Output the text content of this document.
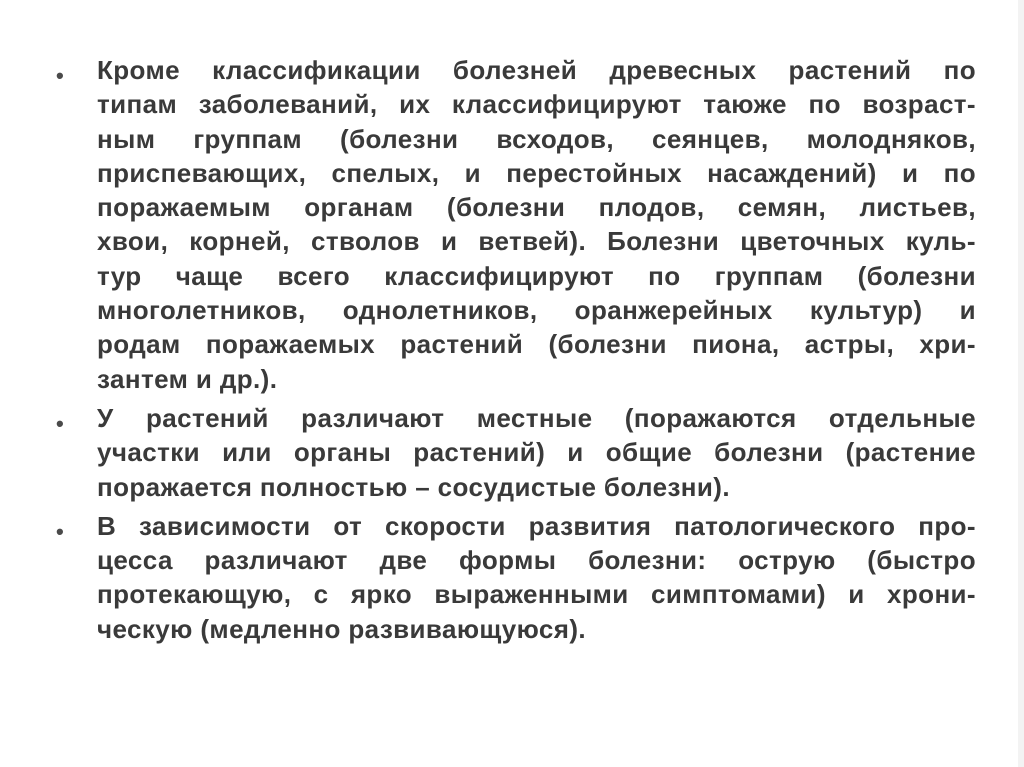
• Кроме классификации болезней древесных растений по
типам заболеваний, их классифицируют таюже по возраст-
ным группам (болезни всходов, сеянцев, молодняков,
приспевающих, спелых, и перестойных насаждений) и по
поражаемым органам (болезни плодов, семян, листьев,
хвои, корней, стволов и ветвей). Болезни цветочных куль-
тур чаще всего классифицируют по группам (болезни
многолетников, однолетников, оранжерейных культур) и
родам поражаемых растений (болезни пиона, астры, хри-
зантем и др.).
• У растений различают местные (поражаются отдельные
участки или органы растений) и общие болезни (растение
поражается полностью – сосудистые болезни).
• В зависимости от скорости развития патологического про-
цесса различают две формы болезни: острую (быстро
протекающую, с ярко выраженными симптомами) и хрони-
ческую (медленно развивающуюся).
